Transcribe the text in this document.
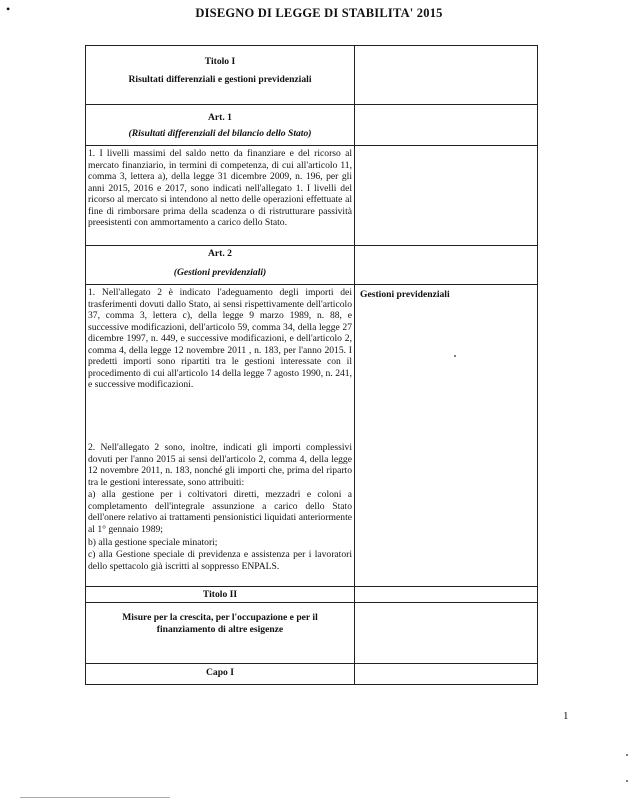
•	DISEGNO DI LEGGE DI STABILITA' 2015
Titolo I
Risultati differenziali e gestioni previdenziali
Art. 1
(Risultati differenziali del bilancio dello Stato)
1. I livelli massimi del saldo netto da finanziare e del ricorso al mercato finanziario, in termini di competenza, di cui all'articolo 11, comma 3, lettera a), della legge 31 dicembre 2009, n. 196, per gli anni 2015, 2016 e 2017, sono indicati nell'allegato 1. I livelli del ricorso al mercato si intendono al netto delle operazioni effettuate al fine di rimborsare prima della scadenza o di ristrutturare passività preesistenti con ammortamento a carico dello Stato.
Art. 2
(Gestioni previdenziali)
1. Nell'allegato 2 è indicato l'adeguamento degli importi dei trasferimenti dovuti dallo Stato, ai sensi rispettivamente dell'articolo 37, comma 3, lettera c), della legge 9 marzo 1989, n. 88, e successive modificazioni, dell'articolo 59, comma 34, della legge 27 dicembre 1997, n. 449, e successive modificazioni, e dell'articolo 2, comma 4, della legge 12 novembre 2011 , n. 183, per l'anno 2015. I predetti importi sono ripartiti tra le gestioni interessate con il procedimento di cui all'articolo 14 della legge 7 agosto 1990, n. 241, e successive modificazioni.
Gestioni previdenziali
2. Nell'allegato 2 sono, inoltre, indicati gli importi complessivi dovuti per l'anno 2015 ai sensi dell'articolo 2, comma 4, della legge 12 novembre 2011, n. 183, nonché gli importi che, prima del riparto tra le gestioni interessate, sono attribuiti:
a) alla gestione per i coltivatori diretti, mezzadri e coloni a completamento dell'integrale assunzione a carico dello Stato dell'onere relativo ai trattamenti pensionistici liquidati anteriormente al 1° gennaio 1989;
b) alla gestione speciale minatori;
c) alla Gestione speciale di previdenza e assistenza per i lavoratori dello spettacolo già iscritti al soppresso ENPALS.
Titolo II
Misure per la crescita, per l'occupazione e per il finanziamento di altre esigenze
Capo I
1
